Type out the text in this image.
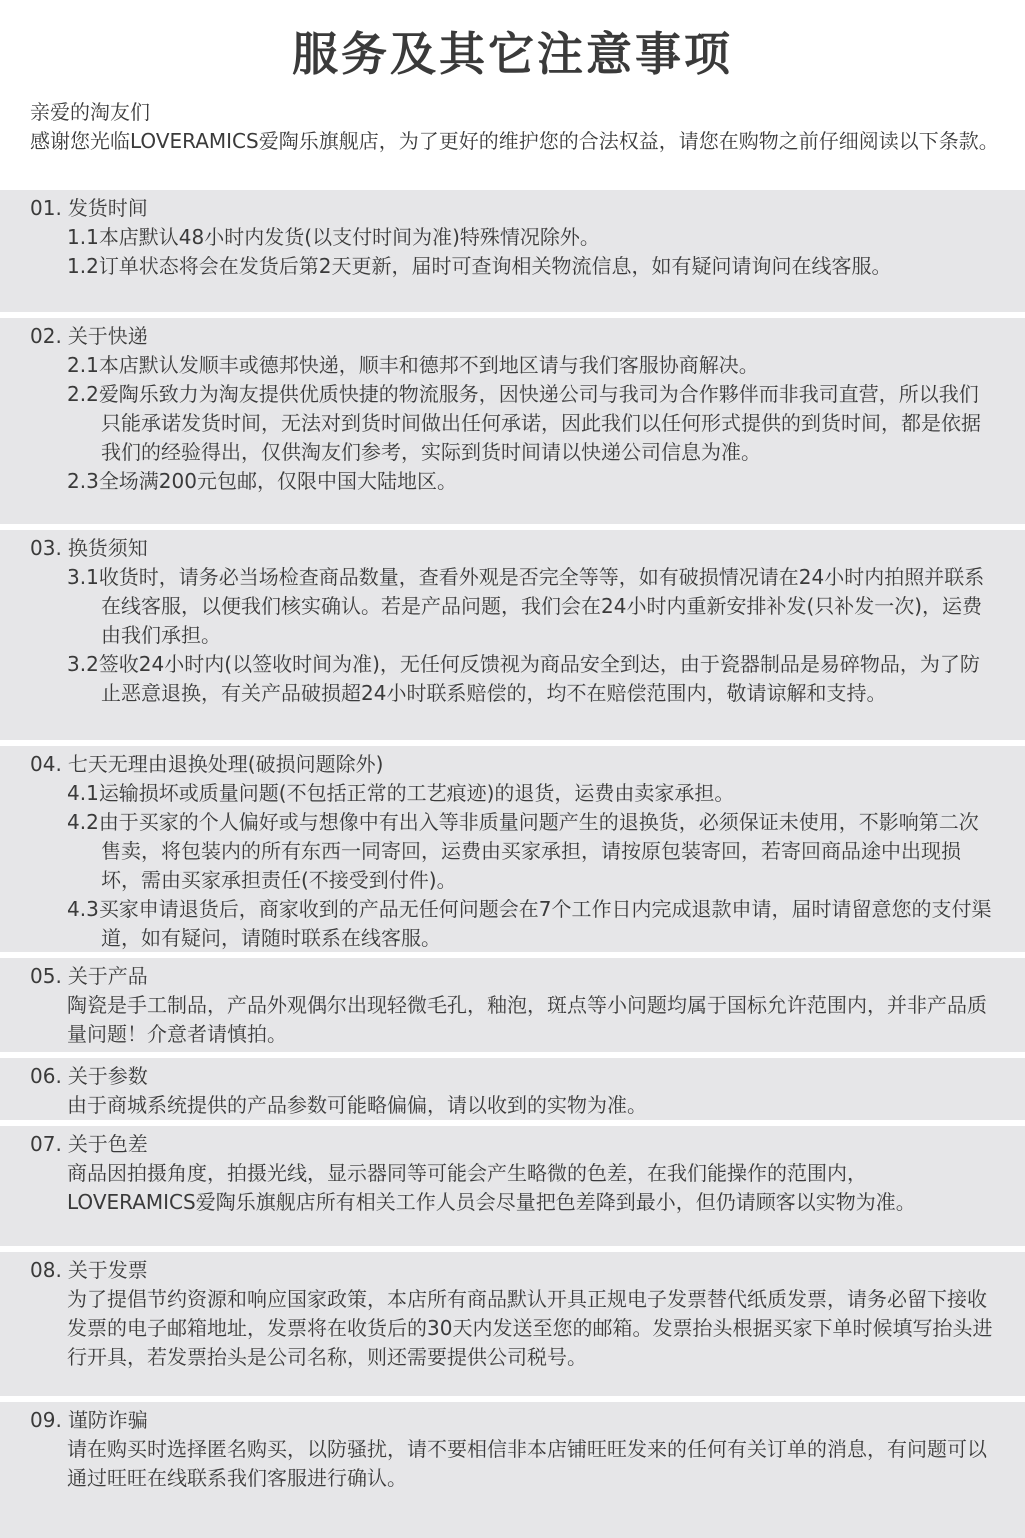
服务及其它注意事项
亲爱的淘友们
感谢您光临LOVERAMICS爱陶乐旗舰店，为了更好的维护您的合法权益，请您在购物之前仔细阅读以下条款。
01. 发货时间
1.1本店默认48小时内发货(以支付时间为准)特殊情况除外。
1.2订单状态将会在发货后第2天更新，届时可查询相关物流信息，如有疑问请询问在线客服。
02. 关于快递
2.1本店默认发顺丰或德邦快递，顺丰和德邦不到地区请与我们客服协商解决。
2.2爱陶乐致力为淘友提供优质快捷的物流服务，因快递公司与我司为合作夥伴而非我司直营，所以我们只能承诺发货时间，无法对到货时间做出任何承诺，因此我们以任何形式提供的到货时间，都是依据我们的经验得出，仅供淘友们参考，实际到货时间请以快递公司信息为准。
2.3全场满200元包邮，仅限中国大陆地区。
03. 换货须知
3.1收货时，请务必当场检查商品数量，查看外观是否完全等等，如有破损情况请在24小时内拍照并联系在线客服，以便我们核实确认。若是产品问题，我们会在24小时内重新安排补发(只补发一次)，运费由我们承担。
3.2签收24小时内(以签收时间为准)，无任何反馈视为商品安全到达，由于瓷器制品是易碎物品，为了防止恶意退换，有关产品破损超24小时联系赔偿的，均不在赔偿范围内，敬请谅解和支持。
04. 七天无理由退换处理(破损问题除外)
4.1运输损坏或质量问题(不包括正常的工艺痕迹)的退货，运费由卖家承担。
4.2由于买家的个人偏好或与想像中有出入等非质量问题产生的退换货，必须保证未使用，不影响第二次售卖，将包装内的所有东西一同寄回，运费由买家承担，请按原包装寄回，若寄回商品途中出现损坏，需由买家承担责任(不接受到付件)。
4.3买家申请退货后，商家收到的产品无任何问题会在7个工作日内完成退款申请，届时请留意您的支付渠道，如有疑问，请随时联系在线客服。
05. 关于产品
陶瓷是手工制品，产品外观偶尔出现轻微毛孔，釉泡，斑点等小问题均属于国标允许范围内，并非产品质量问题！介意者请慎拍。
06. 关于参数
由于商城系统提供的产品参数可能略偏偏，请以收到的实物为准。
07. 关于色差
商品因拍摄角度，拍摄光线，显示器同等可能会产生略微的色差，在我们能操作的范围内，LOVERAMICS爱陶乐旗舰店所有相关工作人员会尽量把色差降到最小，但仍请顾客以实物为准。
08. 关于发票
为了提倡节约资源和响应国家政策，本店所有商品默认开具正规电子发票替代纸质发票，请务必留下接收发票的电子邮箱地址，发票将在收货后的30天内发送至您的邮箱。发票抬头根据买家下单时候填写抬头进行开具，若发票抬头是公司名称，则还需要提供公司税号。
09. 谨防诈骗
请在购买时选择匿名购买，以防骚扰，请不要相信非本店铺旺旺发来的任何有关订单的消息，有问题可以通过旺旺在线联系我们客服进行确认。
